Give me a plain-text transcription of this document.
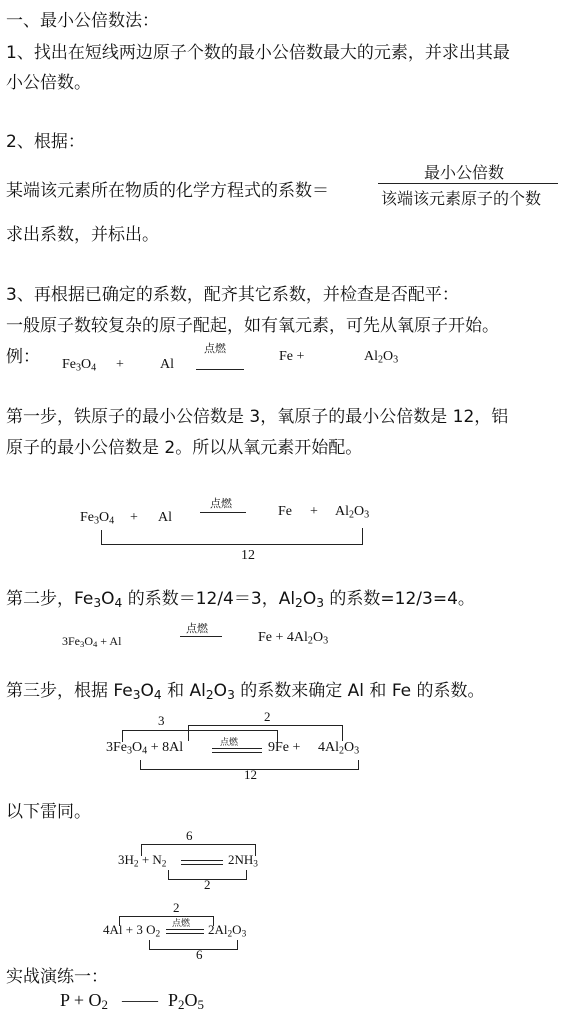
一、最小公倍数法：
1、找出在短线两边原子个数的最小公倍数最大的元素，并求出其最
小公倍数。
2、根据：
某端该元素所在物质的化学方程式的系数＝
最小公倍数
该端该元素原子的个数
求出系数，并标出。
3、再根据已确定的系数，配齐其它系数，并检查是否配平：
一般原子数较复杂的原子配起，如有氧元素，可先从氧原子开始。
例： $Fe_3O_4$ +	Al
点燃
Fe +	$Al_2O_3$
第一步，铁原子的最小公倍数是 3，氧原子的最小公倍数是 12，铝
原子的最小公倍数是 2。所以从氧元素开始配。
点燃
$Fe_3O_4 + Al$	$Fe + Al_2O_3$
12
第二步，$Fe_3O_4$ 的系数＝12/4＝3，$Al_2O_3$ 的系数=12/3=4。
点燃
$3Fe_3O_4 + Al$	$Fe + 4Al_2O_3$
第三步，根据 $Fe_3O_4$ 和 $Al_2O_3$ 的系数来确定 Al 和 Fe 的系数。
3	2
点燃
$3Fe_3O_4 + 8Al$	$9Fe + 4Al_2O_3$
12
以下雷同。
6
$3H_2 + N_2$	$2NH_3$
2
2
点燃
4Al + 3 $O_2$	$2Al_2O_3$
6
实战演练一：
$P + O_2$ —— $P_2O_5$
